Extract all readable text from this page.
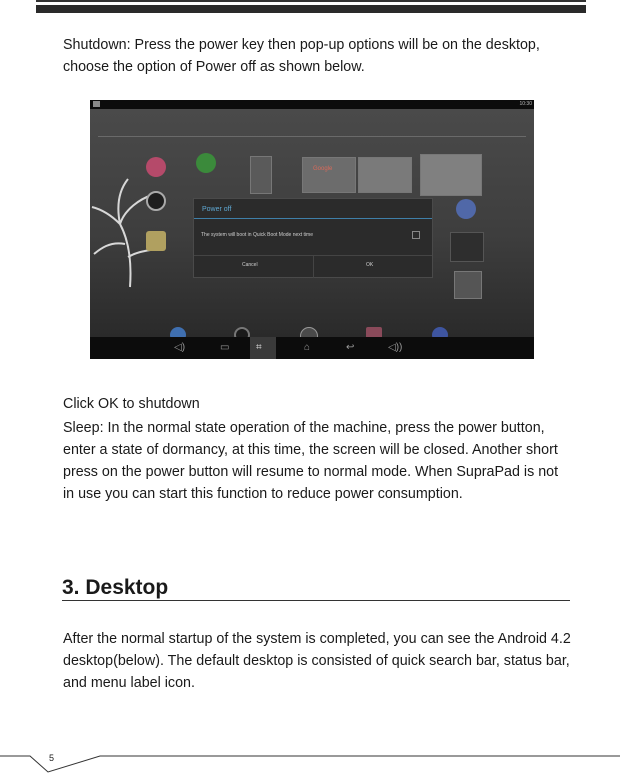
Shutdown: Press the power key then pop-up options will be on the desktop, choose the option of Power off as shown below.

10:30
Google
Power off
The system will boot in Quick Boot Mode next time
Cancel	OK
◁)	▭	⌗	⌂	↩	◁))

Click OK to shutdown

Sleep: In the normal state operation of the machine, press the power button, enter a state of dormancy, at this time, the screen will be closed. Another short press on the power button will resume to normal mode. When SupraPad is not in use you can start this function to reduce power consumption.

3. Desktop

After the normal startup of the system is completed, you can see the Android 4.2 desktop(below). The default desktop is consisted of quick search bar, status bar, and menu label icon.

5
